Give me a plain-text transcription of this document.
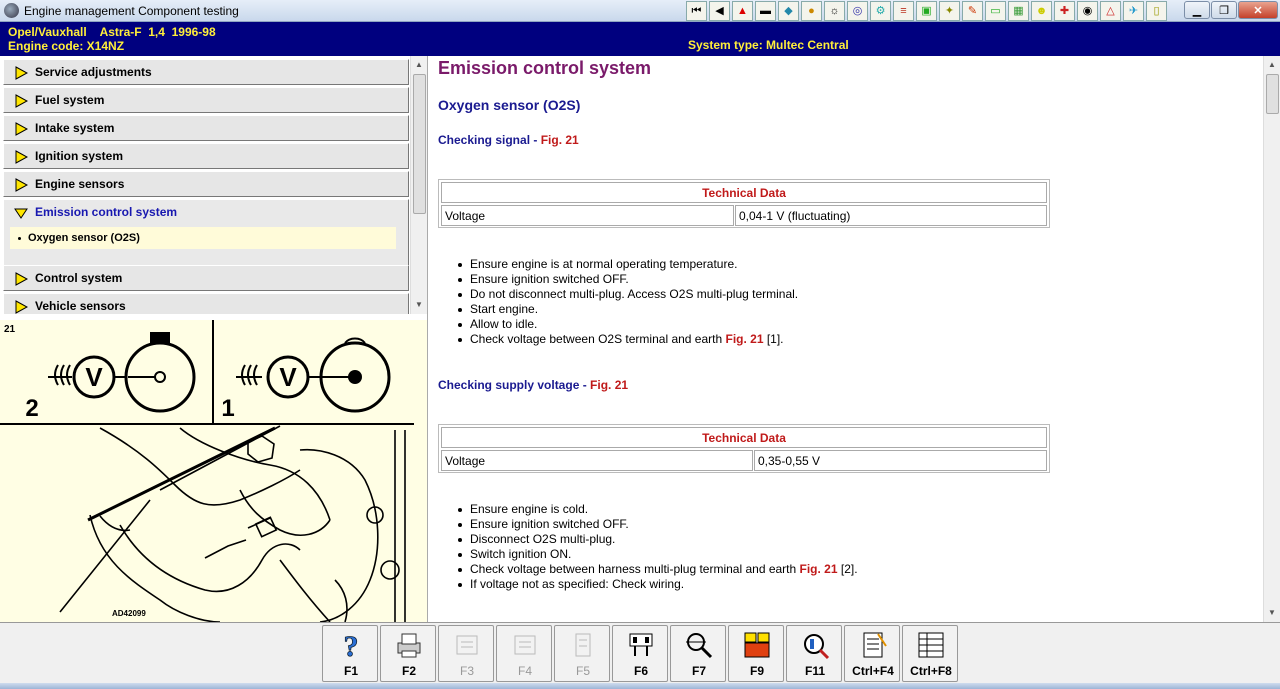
Engine management Component testing	⏮	◀	▲	▬	◆	●	☼	◎	⚙	≡	▣	✦	✎	▭	▦	☻	✚	◉	△	✈	▯	▁	❐	✕
Opel/Vauxhall    Astra-F  1,4  1996-98
Engine code: X14NZ	System type: Multec Central
Service adjustments
Fuel system
Intake system
Ignition system
Engine sensors
Emission control system
Oxygen sensor (O2S)
Control system
Vehicle sensors
▲
▼
21
V
2
V
1
AD42099
Emission control system
Oxygen sensor (O2S)
Checking signal - Fig. 21
Technical Data
Voltage	0,04-1 V (fluctuating)
Ensure engine is at normal operating temperature.
Ensure ignition switched OFF.
Do not disconnect multi-plug. Access O2S multi-plug terminal.
Start engine.
Allow to idle.
Check voltage between O2S terminal and earth Fig. 21 [1].
Checking supply voltage - Fig. 21
Technical Data
Voltage	0,35-0,55 V
Ensure engine is cold.
Ensure ignition switched OFF.
Disconnect O2S multi-plug.
Switch ignition ON.
Check voltage between harness multi-plug terminal and earth Fig. 21 [2].
If voltage not as specified: Check wiring.
▲
▼
?
F1	F2	F3	F4	F5	F6	F7	F9	F11	Ctrl+F4	Ctrl+F8
